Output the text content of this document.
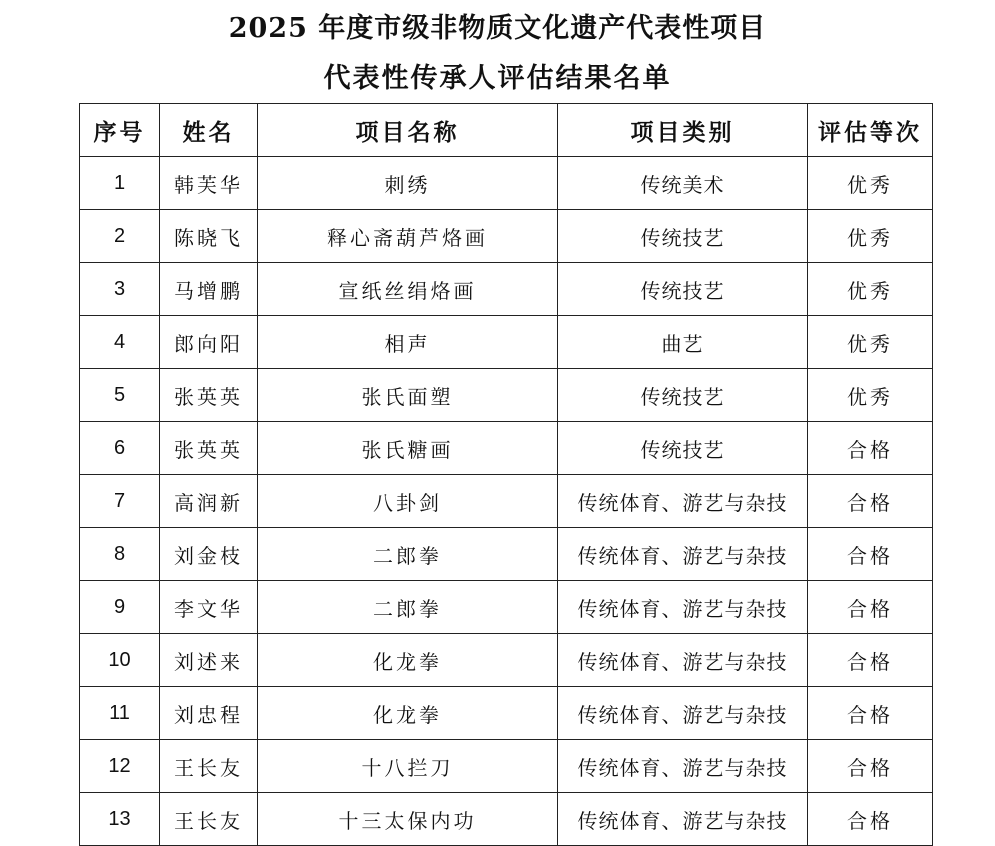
2025 年度市级非物质文化遗产代表性项目
代表性传承人评估结果名单
序号	姓名	项目名称	项目类别	评估等次
1	韩芙华	刺绣	传统美术	优秀
2	陈晓飞	释心斋葫芦烙画	传统技艺	优秀
3	马增鹏	宣纸丝绢烙画	传统技艺	优秀
4	郎向阳	相声	曲艺	优秀
5	张英英	张氏面塑	传统技艺	优秀
6	张英英	张氏糖画	传统技艺	合格
7	高润新	八卦剑	传统体育、游艺与杂技	合格
8	刘金枝	二郎拳	传统体育、游艺与杂技	合格
9	李文华	二郎拳	传统体育、游艺与杂技	合格
10	刘述来	化龙拳	传统体育、游艺与杂技	合格
11	刘忠程	化龙拳	传统体育、游艺与杂技	合格
12	王长友	十八拦刀	传统体育、游艺与杂技	合格
13	王长友	十三太保内功	传统体育、游艺与杂技	合格
